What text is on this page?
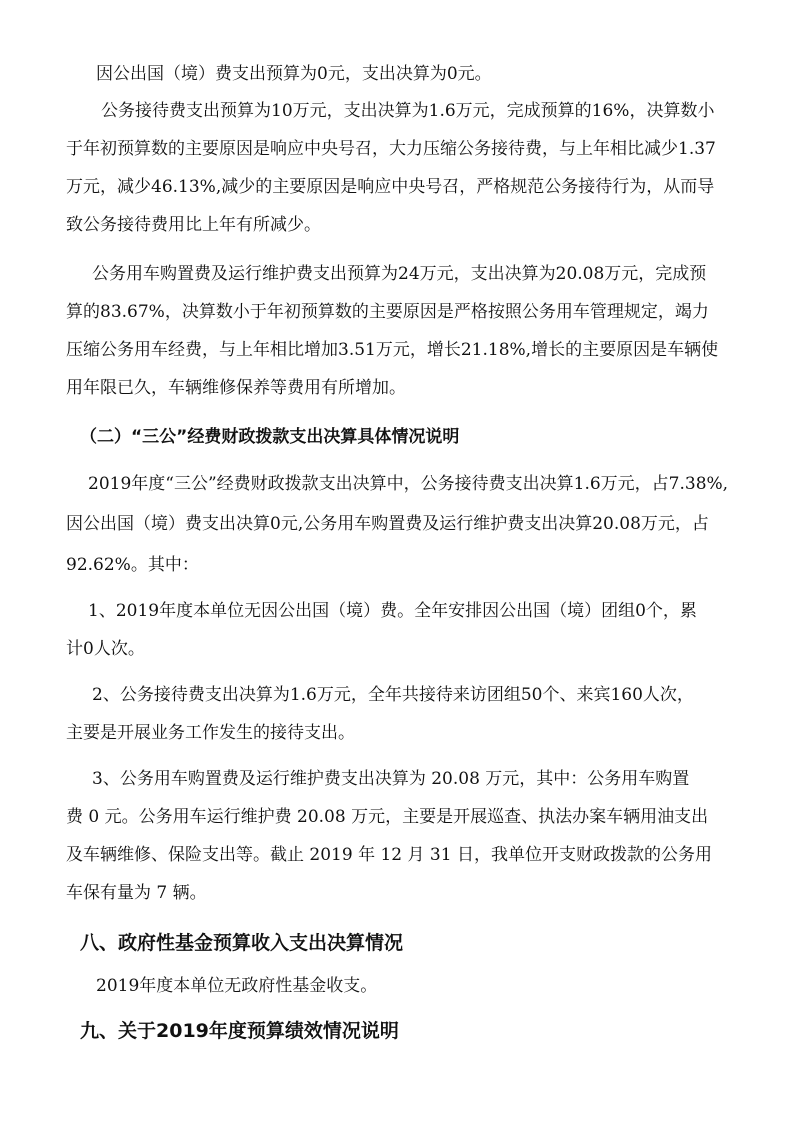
因公出国（境）费支出预算为0元，支出决算为0元。
公务接待费支出预算为10万元，支出决算为1.6万元，完成预算的16%，决算数小
于年初预算数的主要原因是响应中央号召，大力压缩公务接待费，与上年相比减少1.37
万元，减少46.13%,减少的主要原因是响应中央号召，严格规范公务接待行为，从而导
致公务接待费用比上年有所减少。
公务用车购置费及运行维护费支出预算为24万元，支出决算为20.08万元，完成预
算的83.67%，决算数小于年初预算数的主要原因是严格按照公务用车管理规定，竭力
压缩公务用车经费，与上年相比增加3.51万元，增长21.18%,增长的主要原因是车辆使
用年限已久，车辆维修保养等费用有所增加。
（二）“三公”经费财政拨款支出决算具体情况说明
2019年度“三公”经费财政拨款支出决算中，公务接待费支出决算1.6万元，占7.38%,
因公出国（境）费支出决算0元,公务用车购置费及运行维护费支出决算20.08万元，占
92.62%。其中：
1、2019年度本单位无因公出国（境）费。全年安排因公出国（境）团组0个，累
计0人次。
2、公务接待费支出决算为1.6万元，全年共接待来访团组50个、来宾160人次，
主要是开展业务工作发生的接待支出。
3、公务用车购置费及运行维护费支出决算为 20.08 万元，其中：公务用车购置
费 0 元。公务用车运行维护费 20.08 万元，主要是开展巡查、执法办案车辆用油支出
及车辆维修、保险支出等。截止 2019 年 12 月 31 日，我单位开支财政拨款的公务用
车保有量为 7 辆。
八、政府性基金预算收入支出决算情况
2019年度本单位无政府性基金收支。
九、关于2019年度预算绩效情况说明
